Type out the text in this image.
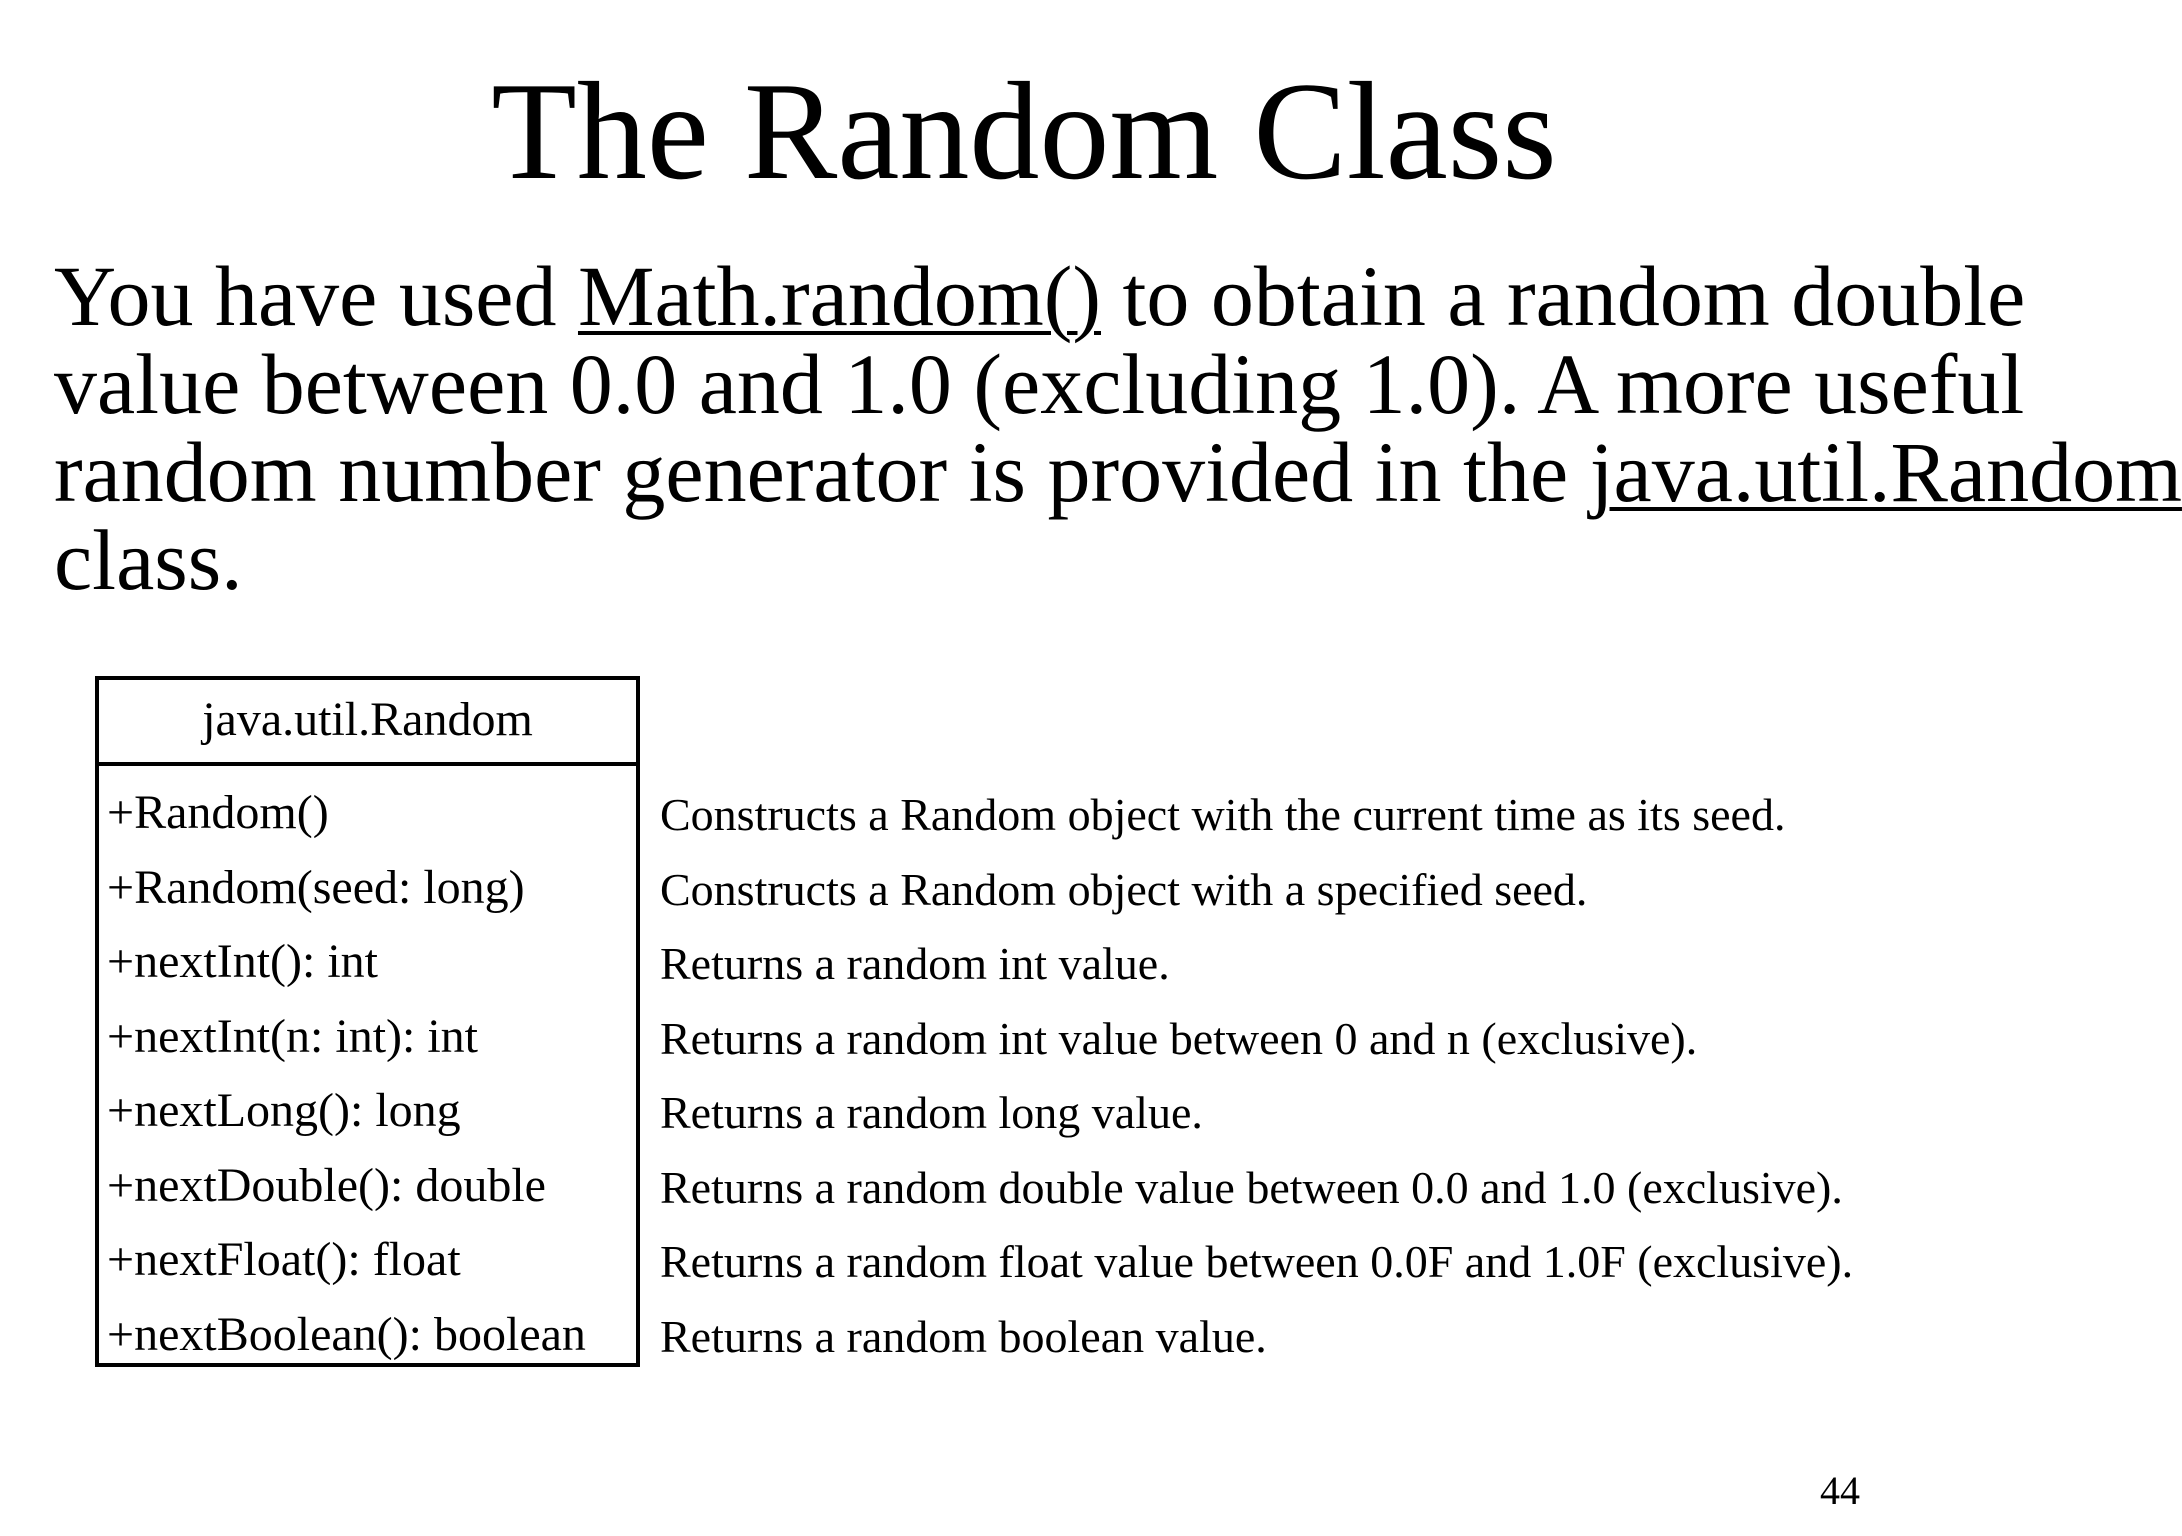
The Random Class
You have used Math.random() to obtain a random double
value between 0.0 and 1.0 (excluding 1.0). A more useful
random number generator is provided in the java.util.Random
class.
java.util.Random
+Random()
+Random(seed: long)
+nextInt(): int
+nextInt(n: int): int
+nextLong(): long
+nextDouble(): double
+nextFloat(): float
+nextBoolean(): boolean
Constructs a Random object with the current time as its seed.
Constructs a Random object with a specified seed.
Returns a random int value.
Returns a random int value between 0 and n (exclusive).
Returns a random long value.
Returns a random double value between 0.0 and 1.0 (exclusive).
Returns a random float value between 0.0F and 1.0F (exclusive).
Returns a random boolean value.
44
